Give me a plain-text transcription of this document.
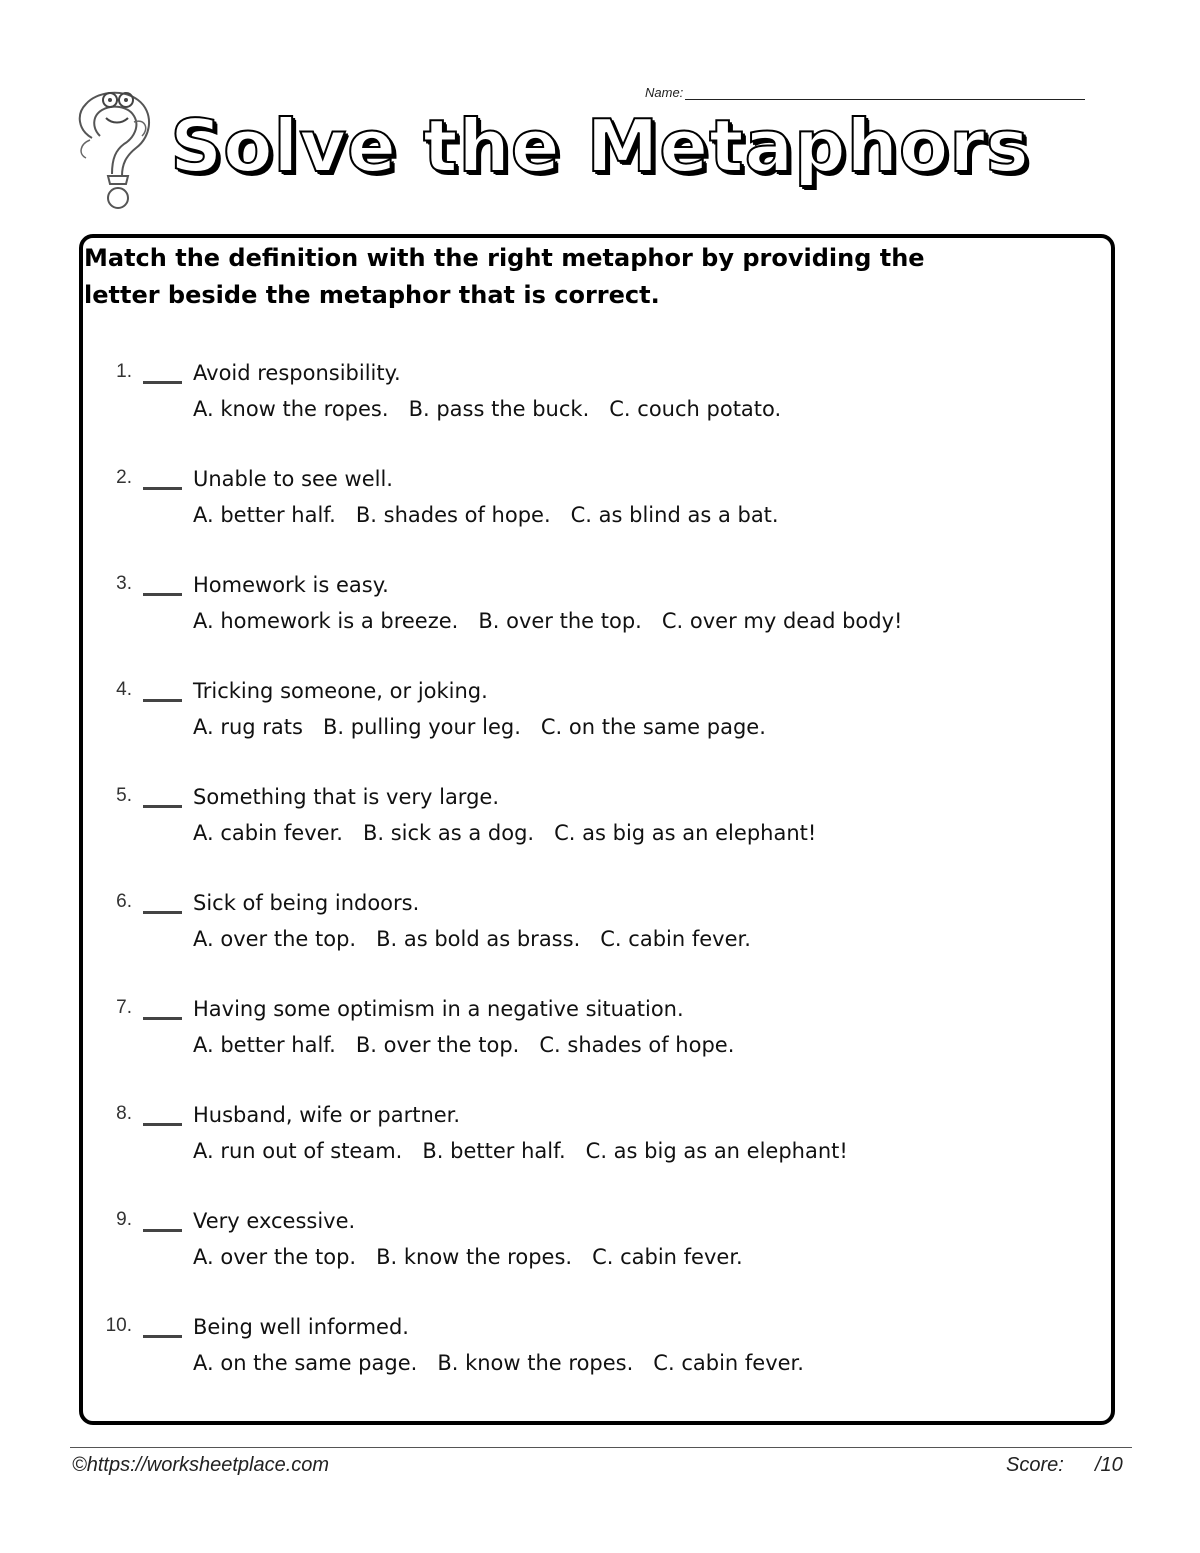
Name:
Solve the Metaphors
Match the definition with the right metaphor by providing the letter beside the metaphor that is correct.
1.	Avoid responsibility.
A. know the ropes.   B. pass the buck.   C. couch potato.
2.	Unable to see well.
A. better half.   B. shades of hope.   C. as blind as a bat.
3.	Homework is easy.
A. homework is a breeze.   B. over the top.   C. over my dead body!
4.	Tricking someone, or joking.
A. rug rats   B. pulling your leg.   C. on the same page.
5.	Something that is very large.
A. cabin fever.   B. sick as a dog.   C. as big as an elephant!
6.	Sick of being indoors.
A. over the top.   B. as bold as brass.   C. cabin fever.
7.	Having some optimism in a negative situation.
A. better half.   B. over the top.   C. shades of hope.
8.	Husband, wife or partner.
A. run out of steam.   B. better half.   C. as big as an elephant!
9.	Very excessive.
A. over the top.   B. know the ropes.   C. cabin fever.
10.	Being well informed.
A. on the same page.   B. know the ropes.   C. cabin fever.
©https://worksheetplace.com	Score: /10
